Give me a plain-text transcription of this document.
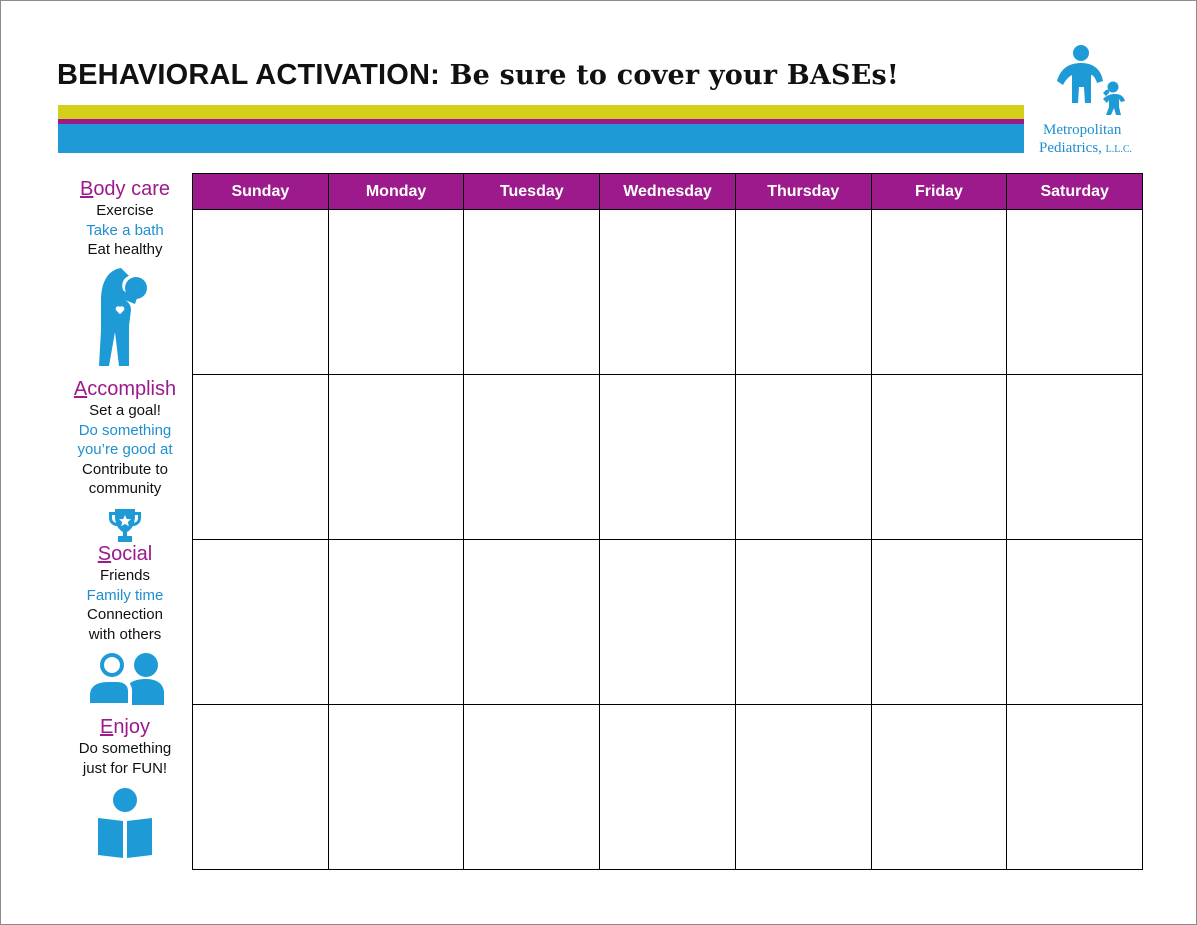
BEHAVIORAL ACTIVATION: Be sure to cover your BASEs!
Metropolitan
Pediatrics, L.L.C.
Sunday	Monday	Tuesday	Wednesday	Thursday	Friday	Saturday
Body care
Exercise
Take a bath
Eat healthy
Accomplish
Set a goal!
Do something
you’re good at
Contribute to
community
Social
Friends
Family time
Connection
with others
Enjoy
Do something
just for FUN!
